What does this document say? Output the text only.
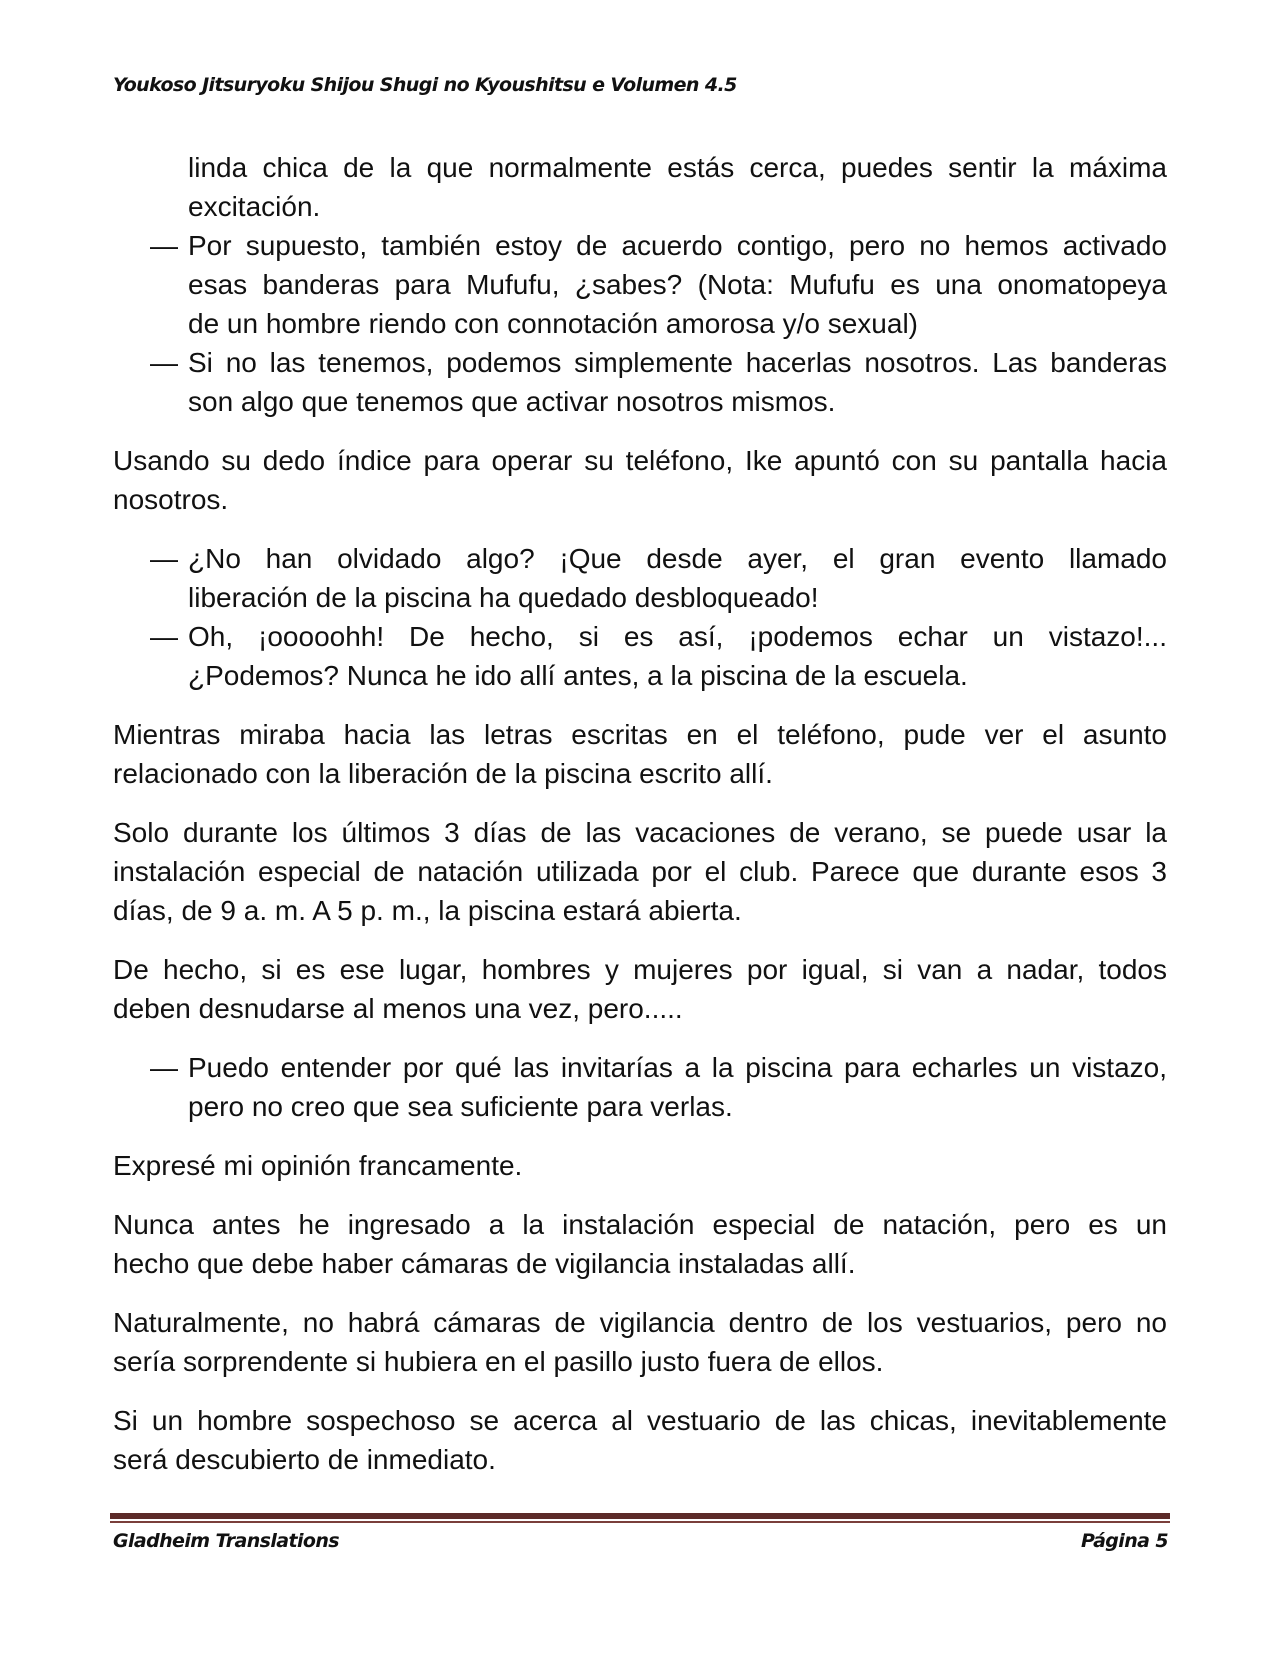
Youkoso Jitsuryoku Shijou Shugi no Kyoushitsu e Volumen 4.5
linda chica de la que normalmente estás cerca, puedes sentir la máxima
excitación.
— Por supuesto, también estoy de acuerdo contigo, pero no hemos activado
esas banderas para Mufufu, ¿sabes? (Nota: Mufufu es una onomatopeya
de un hombre riendo con connotación amorosa y/o sexual)
— Si no las tenemos, podemos simplemente hacerlas nosotros. Las banderas
son algo que tenemos que activar nosotros mismos.
Usando su dedo índice para operar su teléfono, Ike apuntó con su pantalla hacia
nosotros.
— ¿No han olvidado algo? ¡Que desde ayer, el gran evento llamado
liberación de la piscina ha quedado desbloqueado!
— Oh, ¡ooooohh! De hecho, si es así, ¡podemos echar un vistazo!...
¿Podemos? Nunca he ido allí antes, a la piscina de la escuela.
Mientras miraba hacia las letras escritas en el teléfono, pude ver el asunto
relacionado con la liberación de la piscina escrito allí.
Solo durante los últimos 3 días de las vacaciones de verano, se puede usar la
instalación especial de natación utilizada por el club. Parece que durante esos 3
días, de 9 a. m. A 5 p. m., la piscina estará abierta.
De hecho, si es ese lugar, hombres y mujeres por igual, si van a nadar, todos
deben desnudarse al menos una vez, pero.....
— Puedo entender por qué las invitarías a la piscina para echarles un vistazo,
pero no creo que sea suficiente para verlas.
Expresé mi opinión francamente.
Nunca antes he ingresado a la instalación especial de natación, pero es un
hecho que debe haber cámaras de vigilancia instaladas allí.
Naturalmente, no habrá cámaras de vigilancia dentro de los vestuarios, pero no
sería sorprendente si hubiera en el pasillo justo fuera de ellos.
Si un hombre sospechoso se acerca al vestuario de las chicas, inevitablemente
será descubierto de inmediato.
Gladheim Translations	Página 5
